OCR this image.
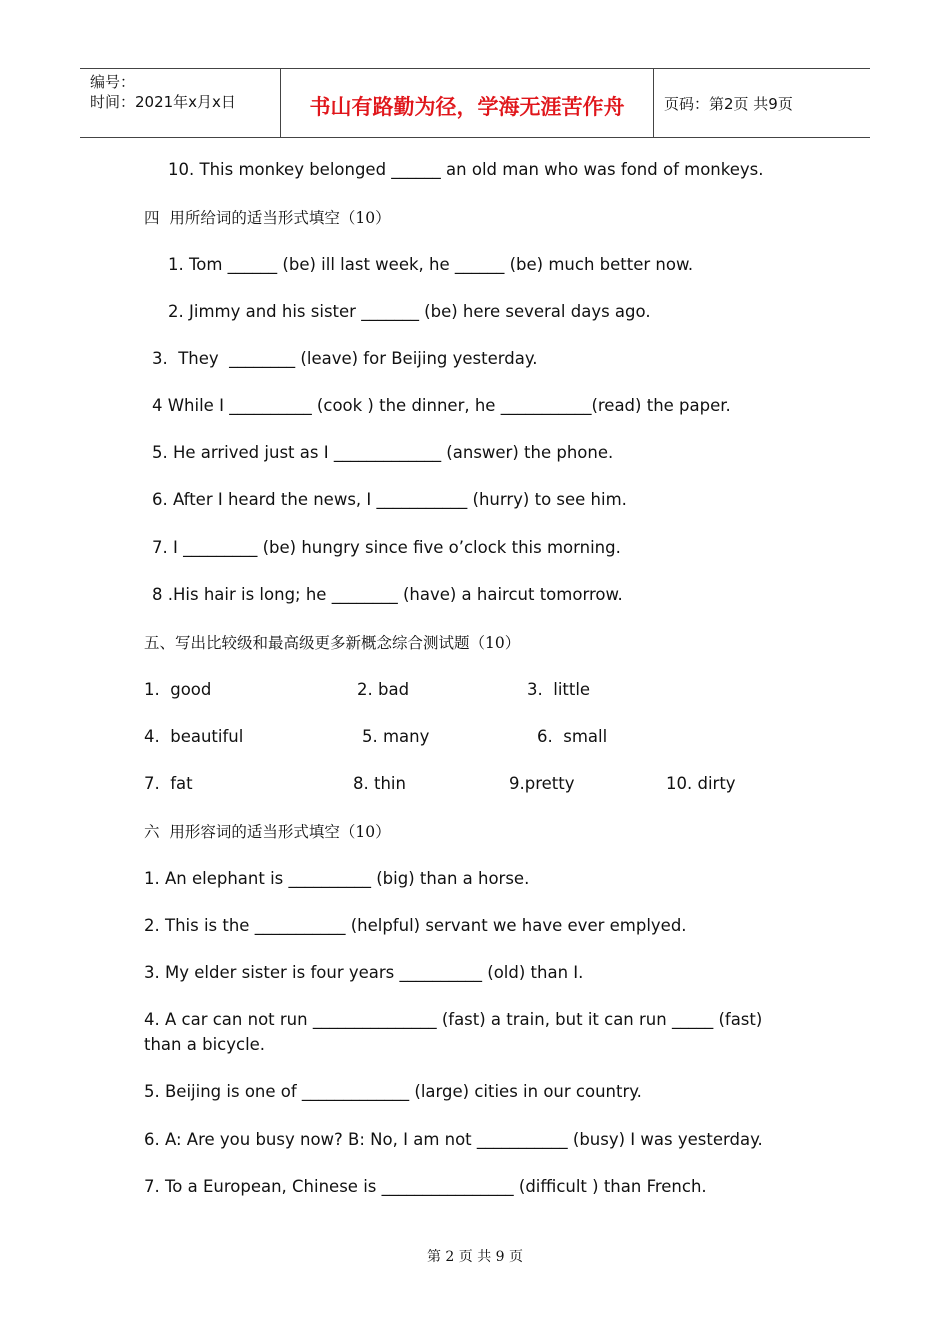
编号：
时间：2021年x月x日	书山有路勤为径，学海无涯苦作舟	页码：第2页 共9页
10. This monkey belonged ______ an old man who was fond of monkeys.
四  用所给词的适当形式填空（10）
1. Tom ______ (be) ill last week, he ______ (be) much better now.
2. Jimmy and his sister _______ (be) here several days ago.
3.  They  ________ (leave) for Beijing yesterday.
4 While I __________ (cook ) the dinner, he ___________(read) the paper.
5. He arrived just as I _____________ (answer) the phone.
6. After I heard the news, I ___________ (hurry) to see him.
7. I _________ (be) hungry since five o’clock this morning.
8 .His hair is long; he ________ (have) a haircut tomorrow.
五、写出比较级和最高级更多新概念综合测试题（10）
1.  good	2. bad	3.  little
4.  beautiful	5. many	6.  small
7.  fat	8. thin	9.pretty	10. dirty
六  用形容词的适当形式填空（10）
1. An elephant is __________ (big) than a horse.
2. This is the ___________ (helpful) servant we have ever emplyed.
3. My elder sister is four years __________ (old) than I.
4. A car can not run _______________ (fast) a train, but it can run _____ (fast)
than a bicycle.
5. Beijing is one of _____________ (large) cities in our country.
6. A: Are you busy now? B: No, I am not ___________ (busy) I was yesterday.
7. To a European, Chinese is ________________ (difficult ) than French.
第 2 页 共 9 页
